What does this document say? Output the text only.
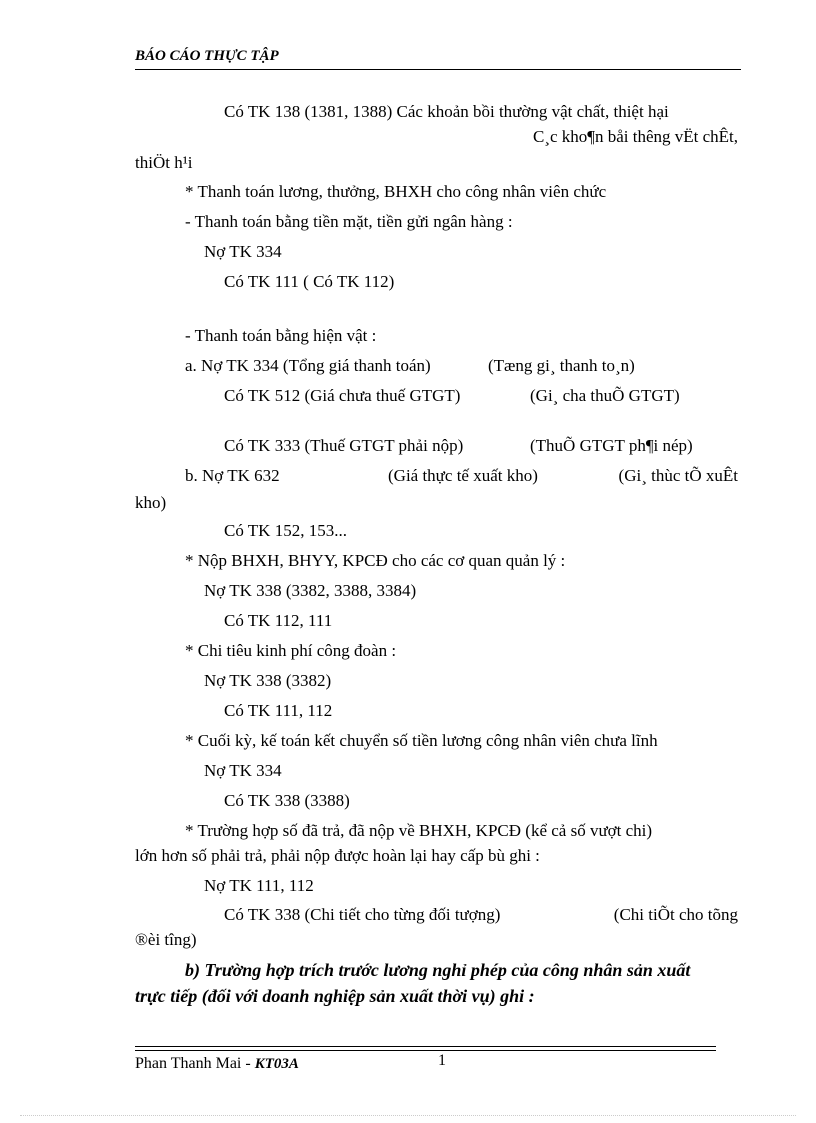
BÁO CÁO THỰC TẬP
Có TK 138 (1381, 1388) Các khoản bồi thường vật chất, thiệt hại
C¸c kho¶n båi thêng vËt chÊt,
thiÖt h¹i
* Thanh toán lương, thưởng, BHXH cho công nhân viên chức
- Thanh toán bằng tiền mặt, tiền gửi ngân hàng :
Nợ TK 334
Có TK 111 ( Có TK 112)
- Thanh toán bằng hiện vật :
a. Nợ TK 334 (Tổng giá thanh toán)	(Tæng gi¸ thanh to¸n)
Có TK 512 (Giá chưa thuế GTGT)	(Gi¸ cha thuÕ GTGT)
Có TK 333 (Thuế GTGT phải nộp)	(ThuÕ GTGT ph¶i nép)
b. Nợ TK 632	(Giá thực tế xuất kho)	(Gi¸ thùc tÕ xuÊt
kho)
Có TK 152, 153...
* Nộp BHXH, BHYY, KPCĐ cho các cơ quan quản lý :
Nợ TK 338 (3382, 3388, 3384)
Có TK 112, 111
* Chi tiêu kinh phí công đoàn :
Nợ TK 338 (3382)
Có TK 111, 112
* Cuối kỳ, kế toán kết chuyển số tiền lương công nhân viên chưa lĩnh
Nợ TK 334
Có TK 338 (3388)
* Trường hợp số đã trả, đã nộp về BHXH, KPCĐ (kể cả số vượt chi)
lớn hơn số phải trả, phải nộp được hoàn lại hay cấp bù ghi :
Nợ TK 111, 112
Có TK 338 (Chi tiết cho từng đối tượng)	(Chi tiÕt cho tõng
®èi tîng)
b) Trường hợp trích trước lương nghỉ phép của công nhân sản xuất
trực tiếp (đối với doanh nghiệp sản xuất thời vụ) ghi :
Phan Thanh Mai - KT03A	1
